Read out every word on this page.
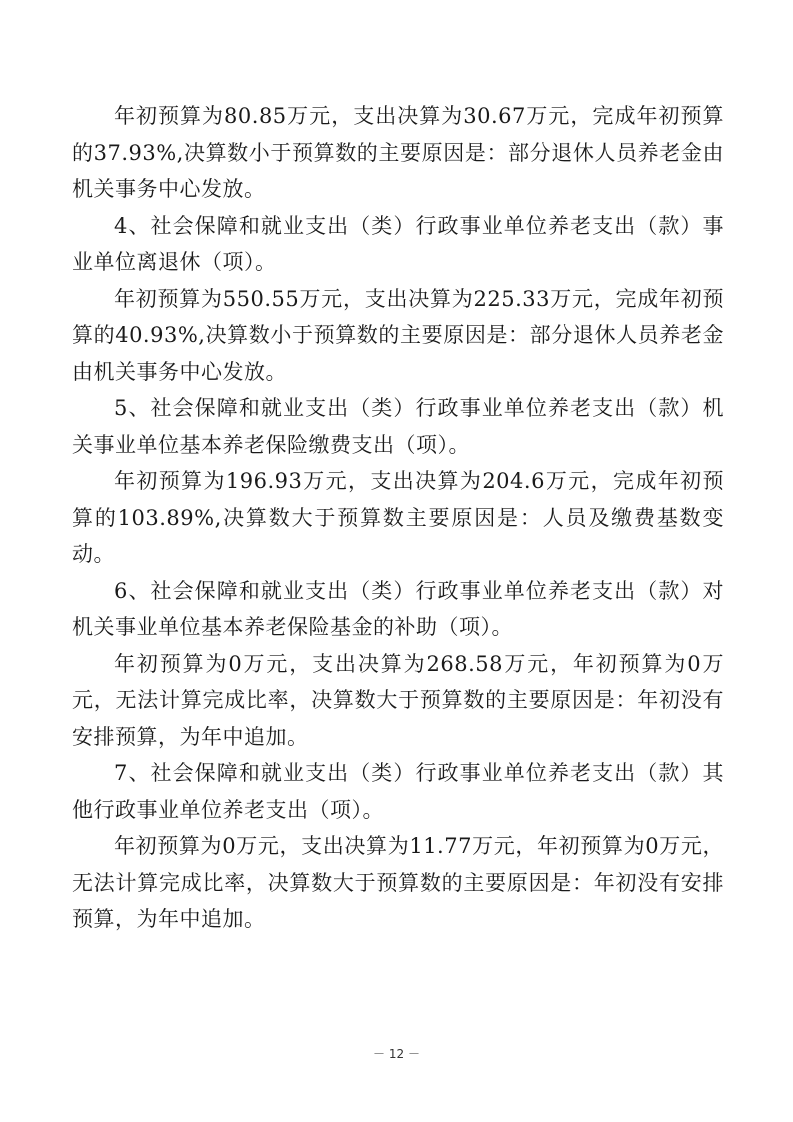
年初预算为80.85万元，支出决算为30.67万元，完成年初预算的37.93%,决算数小于预算数的主要原因是：部分退休人员养老金由机关事务中心发放。

4、社会保障和就业支出（类）行政事业单位养老支出（款）事业单位离退休（项）。

年初预算为550.55万元，支出决算为225.33万元，完成年初预算的40.93%,决算数小于预算数的主要原因是：部分退休人员养老金由机关事务中心发放。

5、社会保障和就业支出（类）行政事业单位养老支出（款）机关事业单位基本养老保险缴费支出（项）。

年初预算为196.93万元，支出决算为204.6万元，完成年初预算的103.89%,决算数大于预算数主要原因是：人员及缴费基数变动。

6、社会保障和就业支出（类）行政事业单位养老支出（款）对机关事业单位基本养老保险基金的补助（项）。

年初预算为0万元，支出决算为268.58万元，年初预算为0万元，无法计算完成比率，决算数大于预算数的主要原因是：年初没有安排预算，为年中追加。

7、社会保障和就业支出（类）行政事业单位养老支出（款）其他行政事业单位养老支出（项）。

年初预算为0万元，支出决算为11.77万元，年初预算为0万元，无法计算完成比率，决算数大于预算数的主要原因是：年初没有安排预算，为年中追加。

－ 12 －
